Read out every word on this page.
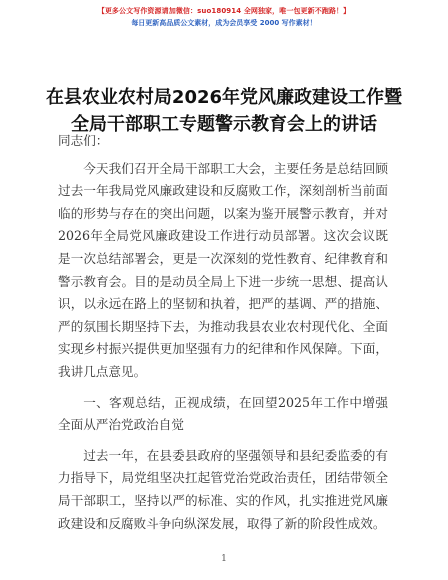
【更多公文写作资源请加微信：suo180914 全网独家，唯一包更新不跑路！】
每日更新高品质公文素材，成为会员享受 2000 写作素材！
在县农业农村局2026年党风廉政建设工作暨全局干部职工专题警示教育会上的讲话

同志们：

今天我们召开全局干部职工大会，主要任务是总结回顾过去一年我局党风廉政建设和反腐败工作，深刻剖析当前面临的形势与存在的突出问题，以案为鉴开展警示教育，并对2026年全局党风廉政建设工作进行动员部署。这次会议既是一次总结部署会，更是一次深刻的党性教育、纪律教育和警示教育会。目的是动员全局上下进一步统一思想、提高认识，以永远在路上的坚韧和执着，把严的基调、严的措施、严的氛围长期坚持下去，为推动我县农业农村现代化、全面实现乡村振兴提供更加坚强有力的纪律和作风保障。下面，我讲几点意见。

一、客观总结，正视成绩，在回望2025年工作中增强全面从严治党政治自觉

过去一年，在县委县政府的坚强领导和县纪委监委的有力指导下，局党组坚决扛起管党治党政治责任，团结带领全局干部职工，坚持以严的标准、实的作风，扎实推进党风廉政建设和反腐败斗争向纵深发展，取得了新的阶段性成效。

1
